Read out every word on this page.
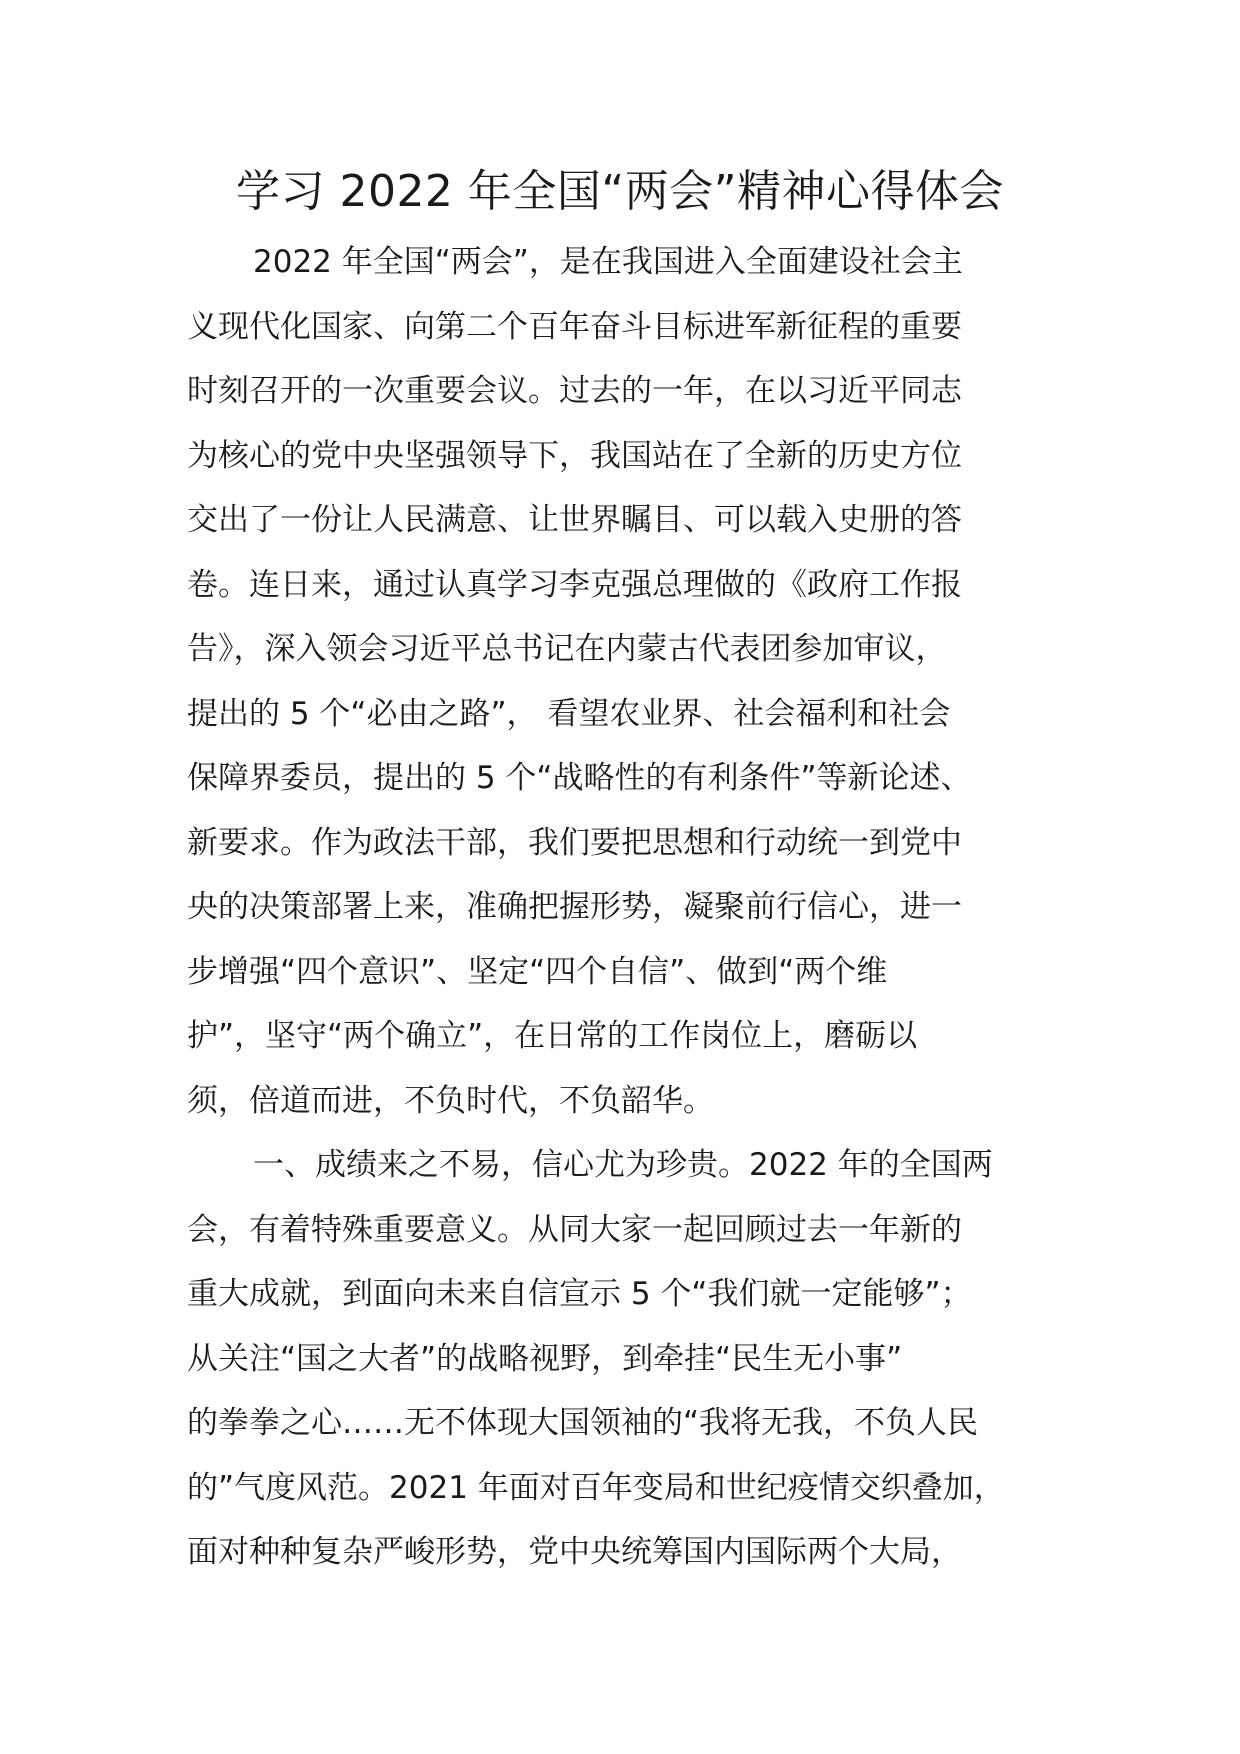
学习 2022 年全国“两会”精神心得体会

2022 年全国“两会”，是在我国进入全面建设社会主

义现代化国家、向第二个百年奋斗目标进军新征程的重要

时刻召开的一次重要会议。过去的一年，在以习近平同志

为核心的党中央坚强领导下，我国站在了全新的历史方位

交出了一份让人民满意、让世界瞩目、可以载入史册的答

卷。连日来，通过认真学习李克强总理做的《政府工作报

告》，深入领会习近平总书记在内蒙古代表团参加审议，

提出的 5 个“必由之路”， 看望农业界、社会福利和社会

保障界委员，提出的 5 个“战略性的有利条件”等新论述、

新要求。作为政法干部，我们要把思想和行动统一到党中

央的决策部署上来，准确把握形势，凝聚前行信心，进一

步增强“四个意识”、坚定“四个自信”、做到“两个维

护”，坚守“两个确立”，在日常的工作岗位上，磨砺以

须，倍道而进，不负时代，不负韶华。

一、成绩来之不易，信心尤为珍贵。2022 年的全国两

会，有着特殊重要意义。从同大家一起回顾过去一年新的

重大成就，到面向未来自信宣示 5 个“我们就一定能够”；

从关注“国之大者”的战略视野，到牵挂“民生无小事”

的拳拳之心……无不体现大国领袖的“我将无我，不负人民

的”气度风范。2021 年面对百年变局和世纪疫情交织叠加，

面对种种复杂严峻形势，党中央统筹国内国际两个大局，
